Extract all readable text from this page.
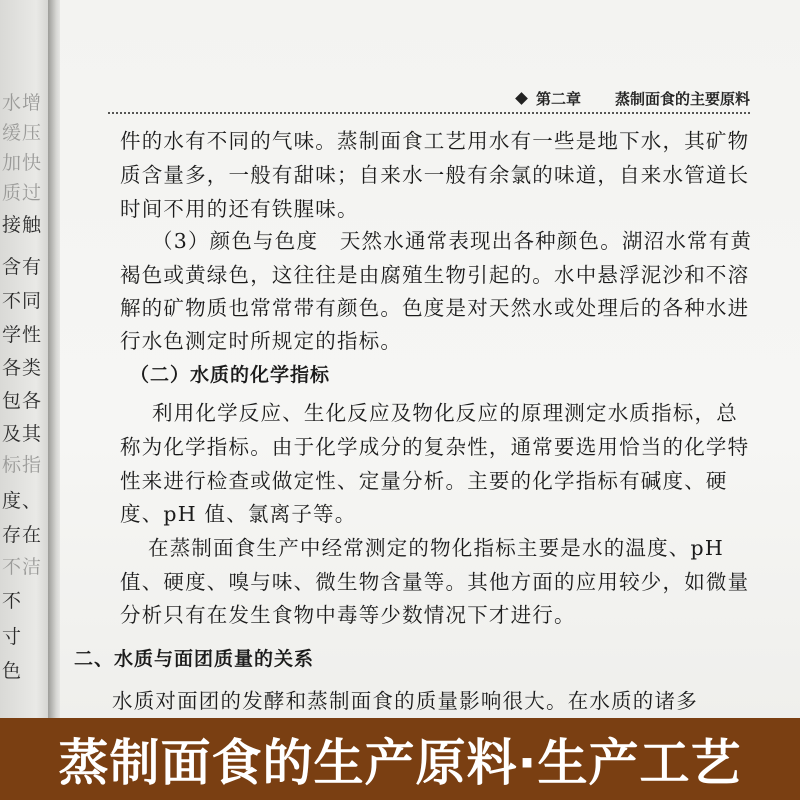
水增
缓压
加快
质过
接触
含有
不同
学性
各类
包各
及其
标指
度、
存在
不洁
不
寸
色
第二章 蒸制面食的主要原料
件的水有不同的气味。蒸制面食工艺用水有一些是地下水，其矿物
质含量多，一般有甜味；自来水一般有余氯的味道，自来水管道长
时间不用的还有铁腥味。
（3）颜色与色度　天然水通常表现出各种颜色。湖沼水常有黄
褐色或黄绿色，这往往是由腐殖生物引起的。水中悬浮泥沙和不溶
解的矿物质也常常带有颜色。色度是对天然水或处理后的各种水进
行水色测定时所规定的指标。
（二）水质的化学指标
利用化学反应、生化反应及物化反应的原理测定水质指标，总
称为化学指标。由于化学成分的复杂性，通常要选用恰当的化学特
性来进行检查或做定性、定量分析。主要的化学指标有碱度、硬
度、pH 值、氯离子等。
在蒸制面食生产中经常测定的物化指标主要是水的温度、pH
值、硬度、嗅与味、微生物含量等。其他方面的应用较少，如微量
分析只有在发生食物中毒等少数情况下才进行。
二、水质与面团质量的关系
水质对面团的发酵和蒸制面食的质量影响很大。在水质的诸多
蒸制面食的生产原料·生产工艺
